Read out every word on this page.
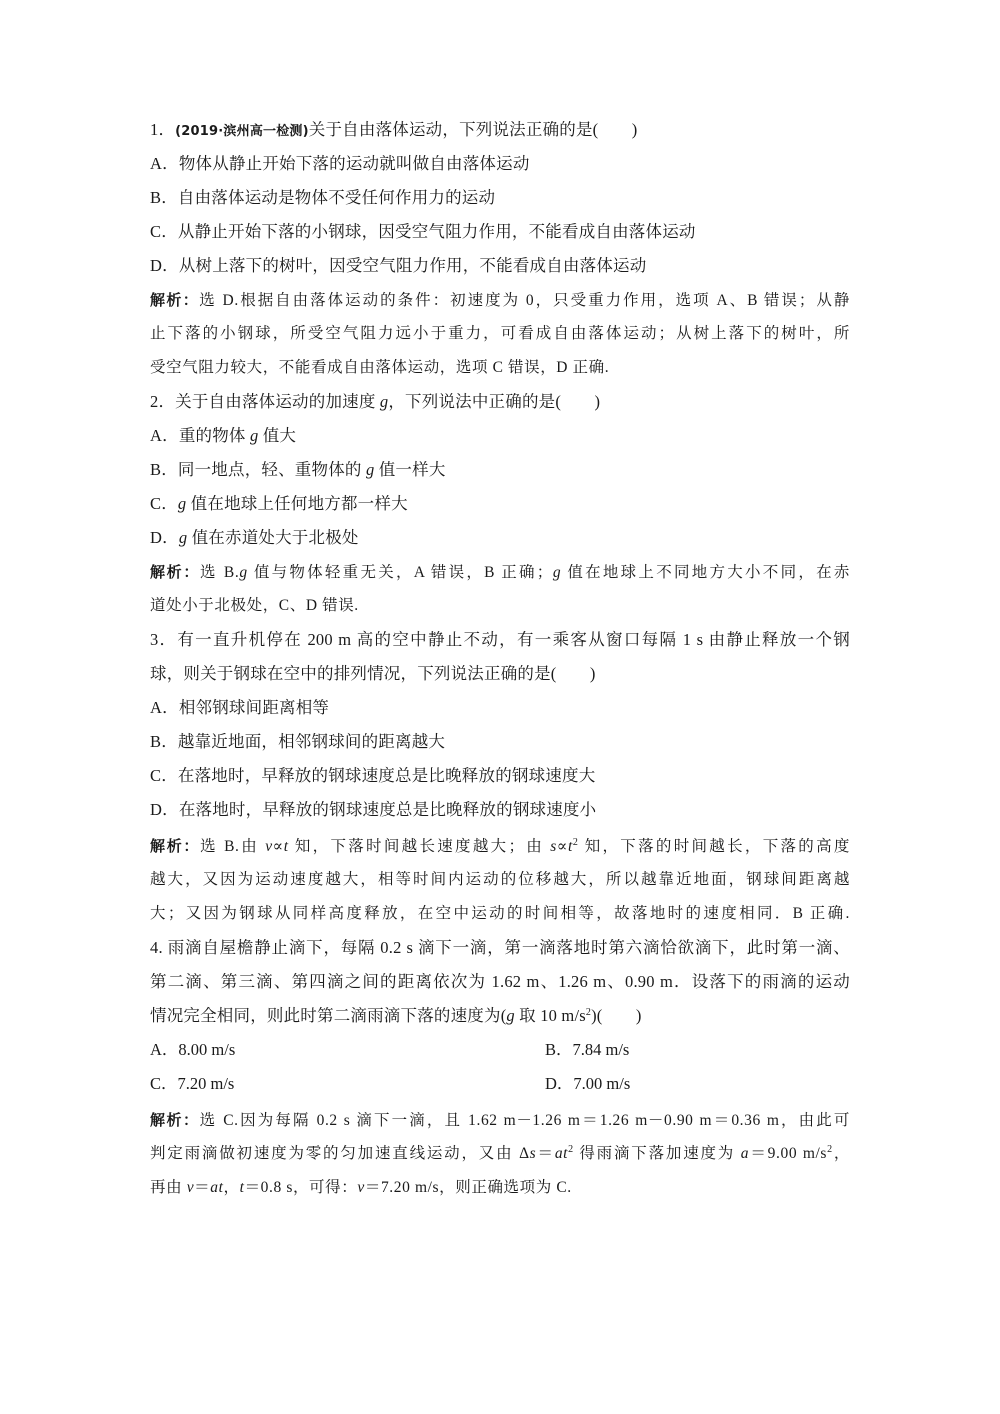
1．(2019·滨州高一检测)关于自由落体运动，下列说法正确的是(　　)
A．物体从静止开始下落的运动就叫做自由落体运动
B．自由落体运动是物体不受任何作用力的运动
C．从静止开始下落的小钢球，因受空气阻力作用，不能看成自由落体运动
D．从树上落下的树叶，因受空气阻力作用，不能看成自由落体运动
解析：选 D.根据自由落体运动的条件：初速度为 0，只受重力作用，选项 A、B 错误；从静
止下落的小钢球，所受空气阻力远小于重力，可看成自由落体运动；从树上落下的树叶，所
受空气阻力较大，不能看成自由落体运动，选项 C 错误，D 正确.
2．关于自由落体运动的加速度 g，下列说法中正确的是(　　)
A．重的物体 g 值大
B．同一地点，轻、重物体的 g 值一样大
C．g 值在地球上任何地方都一样大
D．g 值在赤道处大于北极处
解析：选 B.g 值与物体轻重无关，A 错误，B 正确；g 值在地球上不同地方大小不同，在赤
道处小于北极处，C、D 错误.
3．有一直升机停在 200 m 高的空中静止不动，有一乘客从窗口每隔 1 s 由静止释放一个钢
球，则关于钢球在空中的排列情况，下列说法正确的是(　　)
A．相邻钢球间距离相等
B．越靠近地面，相邻钢球间的距离越大
C．在落地时，早释放的钢球速度总是比晚释放的钢球速度大
D．在落地时，早释放的钢球速度总是比晚释放的钢球速度小
解析：选 B.由 v∝t 知，下落时间越长速度越大；由 $s\propto t^2$ 知，下落的时间越长，下落的高度
越大，又因为运动速度越大，相等时间内运动的位移越大，所以越靠近地面，钢球间距离越
大；又因为钢球从同样高度释放，在空中运动的时间相等，故落地时的速度相同．B 正确.
4. 雨滴自屋檐静止滴下，每隔 0.2 s 滴下一滴，第一滴落地时第六滴恰欲滴下，此时第一滴、
第二滴、第三滴、第四滴之间的距离依次为 1.62 m、1.26 m、0.90 m．设落下的雨滴的运动
情况完全相同，则此时第二滴雨滴下落的速度为(g 取 10 $m/s^2$)(　　)
A．8.00 m/s	B．7.84 m/s
C．7.20 m/s	D．7.00 m/s
解析：选 C.因为每隔 0.2 s 滴下一滴，且 1.62 m－1.26 m＝1.26 m－0.90 m＝0.36 m，由此可
判定雨滴做初速度为零的匀加速直线运动，又由 $\Delta s=at^2$ 得雨滴下落加速度为 a＝9.00 $m/s^2$，
再由 v＝at，t＝0.8 s，可得：v＝7.20 m/s，则正确选项为 C.
